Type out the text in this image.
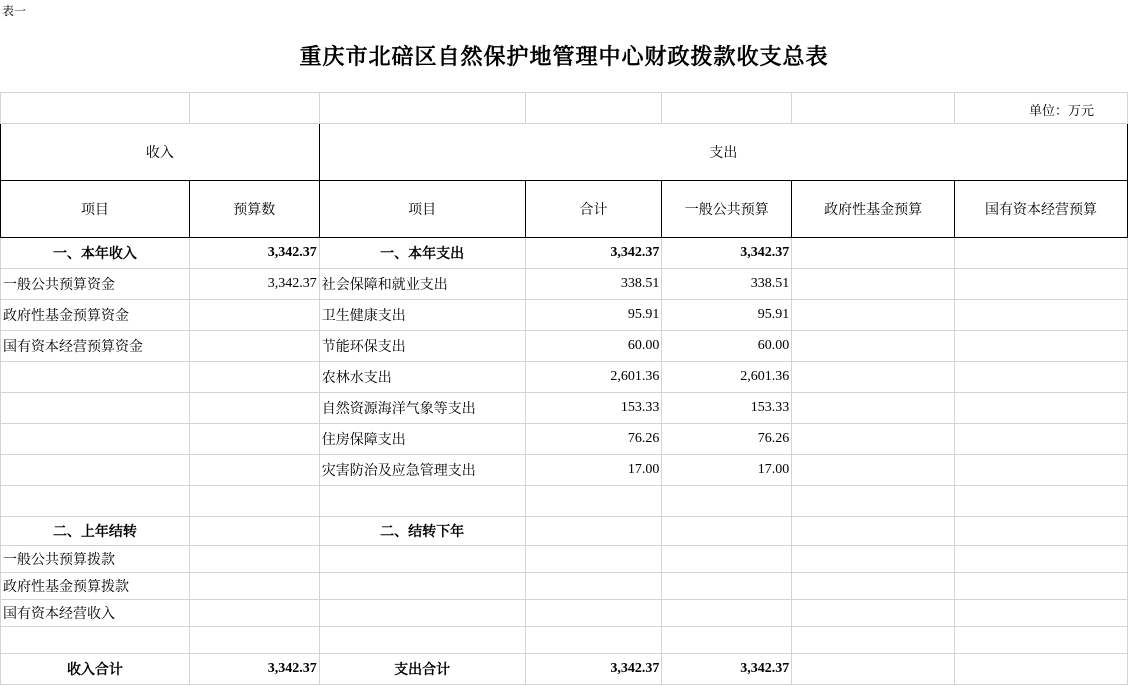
表一
重庆市北碚区自然保护地管理中心财政拨款收支总表
单位：万元

收入		支出				
项目	预算数	项目	合计	一般公共预算	政府性基金预算	国有资本经营预算
一、本年收入	3,342.37	一、本年支出	3,342.37	3,342.37		
一般公共预算资金	3,342.37	社会保障和就业支出	338.51	338.51		
政府性基金预算资金		卫生健康支出	95.91	95.91		
国有资本经营预算资金		节能环保支出	60.00	60.00		
		农林水支出	2,601.36	2,601.36		
		自然资源海洋气象等支出	153.33	153.33		
		住房保障支出	76.26	76.26		
		灾害防治及应急管理支出	17.00	17.00		

二、上年结转		二、结转下年				
一般公共预算拨款						
政府性基金预算拨款						
国有资本经营收入						

收入合计	3,342.37	支出合计	3,342.37	3,342.37		
